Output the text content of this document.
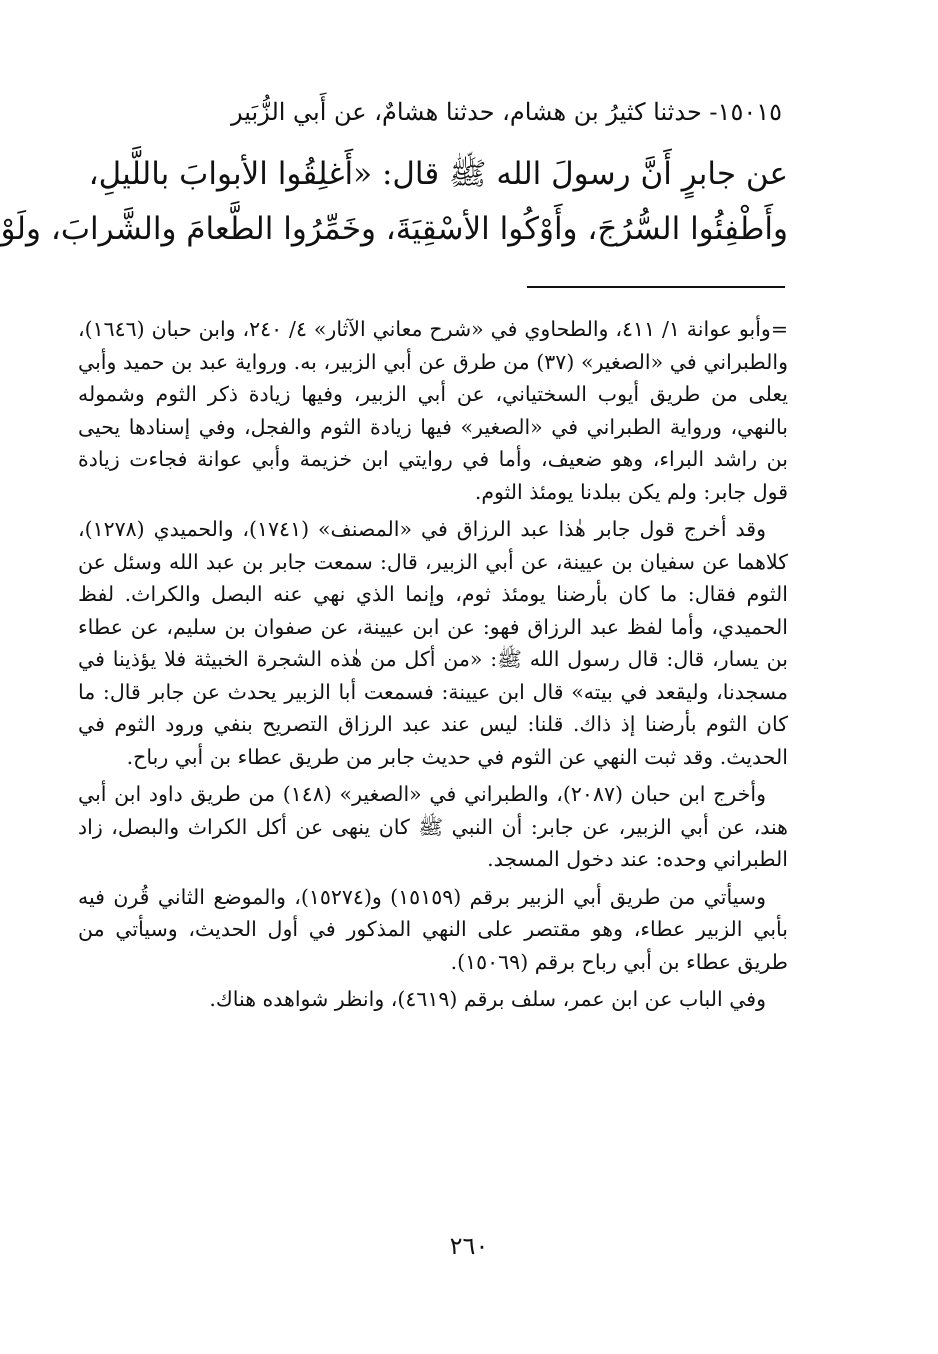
١٥٠١٥- حدثنا كثيرُ بن هشام، حدثنا هشامٌ، عن أَبي الزُّبَير

عن جابرٍ أَنَّ رسولَ الله ﷺ قال: «أَغلِقُوا الأبوابَ باللَّيلِ،

وأَطْفِئُوا السُّرُجَ، وأَوْكُوا الأسْقِيَةَ، وخَمِّرُوا الطَّعامَ والشَّرابَ، ولَوْ

=وأبو عوانة ١/ ٤١١، والطحاوي في «شرح معاني الآثار» ٤/ ٢٤٠، وابن حبان (١٦٤٦)، والطبراني في «الصغير» (٣٧) من طرق عن أبي الزبير، به. ورواية عبد بن حميد وأبي يعلى من طريق أيوب السختياني، عن أبي الزبير، وفيها زيادة ذكر الثوم وشموله بالنهي، ورواية الطبراني في «الصغير» فيها زيادة الثوم والفجل، وفي إسنادها يحيى بن راشد البراء، وهو ضعيف، وأما في روايتي ابن خزيمة وأبي عوانة فجاءت زيادة قول جابر: ولم يكن ببلدنا يومئذ الثوم.

وقد أخرج قول جابر هٰذا عبد الرزاق في «المصنف» (١٧٤١)، والحميدي (١٢٧٨)، كلاهما عن سفيان بن عيينة، عن أبي الزبير، قال: سمعت جابر بن عبد الله وسئل عن الثوم فقال: ما كان بأرضنا يومئذ ثوم، وإنما الذي نهي عنه البصل والكراث. لفظ الحميدي، وأما لفظ عبد الرزاق فهو: عن ابن عيينة، عن صفوان بن سليم، عن عطاء بن يسار، قال: قال رسول الله ﷺ: «من أكل من هٰذه الشجرة الخبيثة فلا يؤذينا في مسجدنا، وليقعد في بيته» قال ابن عيينة: فسمعت أبا الزبير يحدث عن جابر قال: ما كان الثوم بأرضنا إذ ذاك. قلنا: ليس عند عبد الرزاق التصريح بنفي ورود الثوم في الحديث. وقد ثبت النهي عن الثوم في حديث جابر من طريق عطاء بن أبي رباح.

وأخرج ابن حبان (٢٠٨٧)، والطبراني في «الصغير» (١٤٨) من طريق داود ابن أبي هند، عن أبي الزبير، عن جابر: أن النبي ﷺ كان ينهى عن أكل الكراث والبصل، زاد الطبراني وحده: عند دخول المسجد.

وسيأتي من طريق أبي الزبير برقم (١٥١٥٩) و(١٥٢٧٤)، والموضع الثاني قُرن فيه بأبي الزبير عطاء، وهو مقتصر على النهي المذكور في أول الحديث، وسيأتي من طريق عطاء بن أبي رباح برقم (١٥٠٦٩).

وفي الباب عن ابن عمر، سلف برقم (٤٦١٩)، وانظر شواهده هناك.

٢٦٠
